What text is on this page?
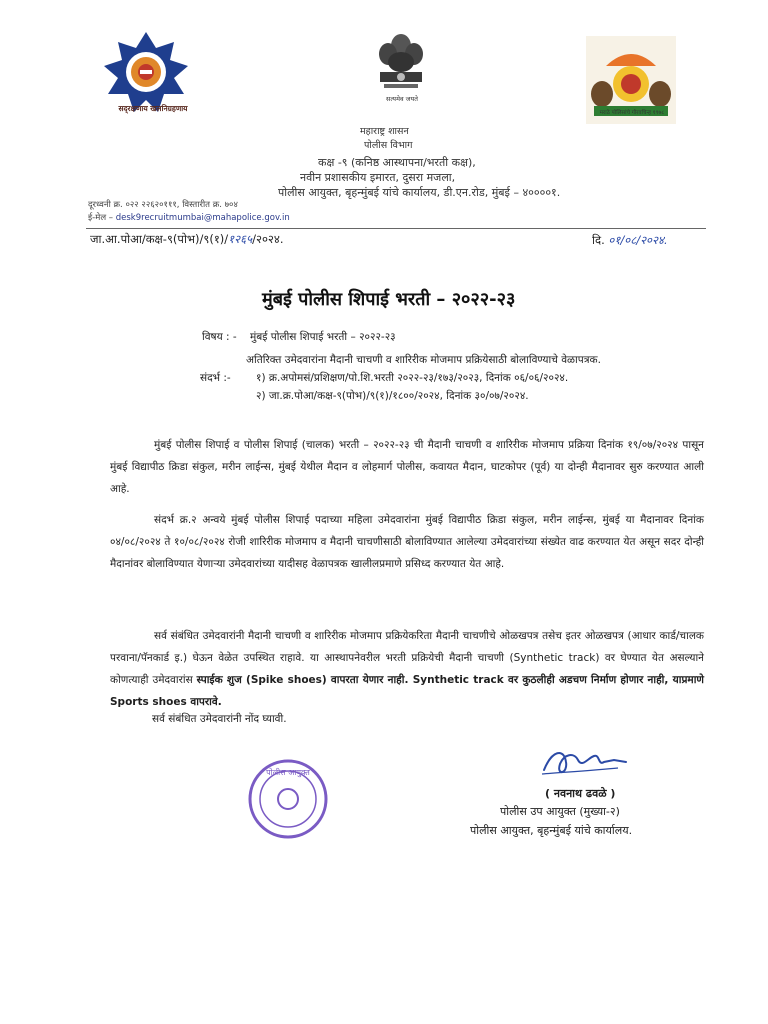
सद्‌रक्षणाय खलनिग्रहणाय
सत्यमेव जयते
मराठे पोलिसांचे गौरवचिन्ह १९७८
महाराष्ट्र शासन
पोलीस विभाग
कक्ष -९ (कनिष्ठ आस्थापना/भरती कक्ष),
नवीन प्रशासकीय इमारत, दुसरा मजला,
पोलीस आयुक्त, बृहन्मुंबई यांचे कार्यालय, डी.एन.रोड, मुंबई – ४००००१.
दूरध्वनी क्र. ०२२ २२६२०१११, विस्तारीत क्र. ७०४
ई-मेल – desk9recruitmumbai@mahapolice.gov.in
जा.आ.पोआ/कक्ष-९(पोभ)/९(१)/१२६५/२०२४.	दि. ०१/०८/२०२४.
मुंबई पोलीस शिपाई भरती – २०२२-२३
विषय : - मुंबई पोलीस शिपाई भरती – २०२२-२३
अतिरिक्त उमेदवारांना मैदानी चाचणी व शारिरीक मोजमाप प्रक्रियेसाठी बोलाविण्याचे वेळापत्रक.
संदर्भ :- १) क्र.अपोमसं/प्रशिक्षण/पो.शि.भरती २०२२-२३/१७३/२०२३, दिनांक ०६/०६/२०२४.
२) जा.क्र.पोआ/कक्ष-९(पोभ)/९(१)/१८००/२०२४, दिनांक ३०/०७/२०२४.

मुंबई पोलीस शिपाई व पोलीस शिपाई (चालक) भरती – २०२२-२३ ची मैदानी चाचणी व शारिरीक मोजमाप प्रक्रिया दिनांक १९/०७/२०२४ पासून मुंबई विद्यापीठ क्रिडा संकुल, मरीन लाईन्स, मुंबई येथील मैदान व लोहमार्ग पोलीस, कवायत मैदान, घाटकोपर (पूर्व) या दोन्ही मैदानावर सुरु करण्यात आली आहे.

संदर्भ क्र.२ अन्वये मुंबई पोलीस शिपाई पदाच्या महिला उमेदवारांना मुंबई विद्यापीठ क्रिडा संकुल, मरीन लाईन्स, मुंबई या मैदानावर दिनांक ०४/०८/२०२४ ते १०/०८/२०२४ रोजी शारिरीक मोजमाप व मैदानी चाचणीसाठी बोलाविण्यात आलेल्या उमेदवारांच्या संख्येत वाढ करण्यात येत असून सदर दोन्ही मैदानांवर बोलाविण्यात येणाऱ्या उमेदवारांच्या यादीसह वेळापत्रक खालीलप्रमाणे प्रसिध्द करण्यात येत आहे.

सर्व संबंधित उमेदवारांनी मैदानी चाचणी व शारिरीक मोजमाप प्रक्रियेकरिता मैदानी चाचणीचे ओळखपत्र तसेच इतर ओळखपत्र (आधार कार्ड/चालक परवाना/पॅनकार्ड इ.) घेऊन वेळेत उपस्थित राहावे. या आस्थापनेवरील भरती प्रक्रियेची मैदानी चाचणी (Synthetic track) वर घेण्यात येत असल्याने कोणत्याही उमेदवारांस स्पाईक शुज (Spike shoes) वापरता येणार नाही. Synthetic track वर कुठलीही अडचण निर्माण होणार नाही, याप्रमाणे Sports shoes वापरावे.

सर्व संबंधित उमेदवारांनी नोंद घ्यावी.
पोलीस आयुक्त
( नवनाथ ढवळे )
पोलीस उप आयुक्त (मुख्या-२)
पोलीस आयुक्त, बृहन्मुंबई यांचे कार्यालय.
